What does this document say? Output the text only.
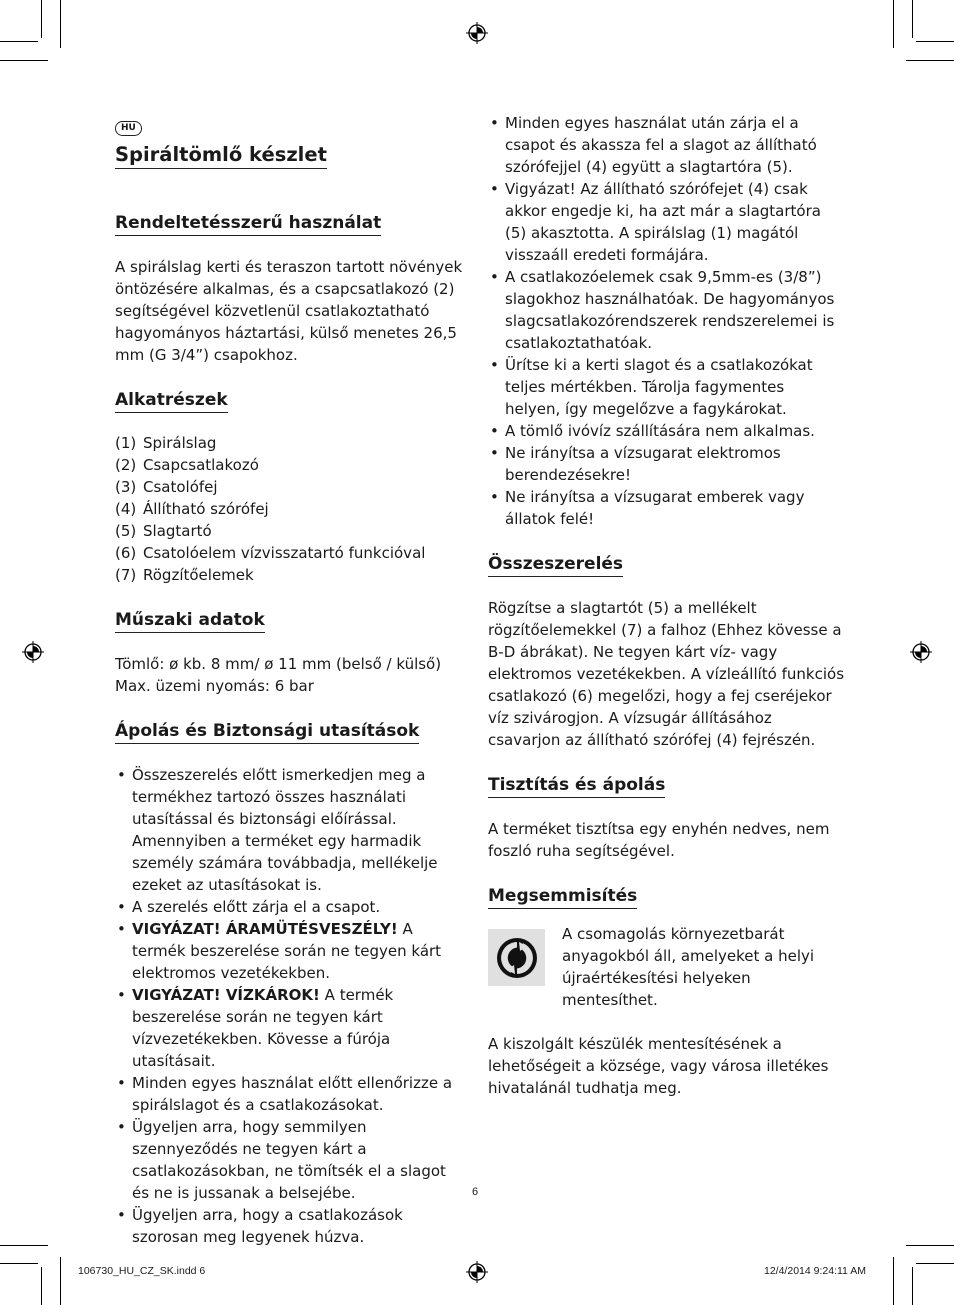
HU
Spiráltömlő készlet
Rendeltetésszerű használat

A spirálslag kerti és teraszon tartott növények öntözésére alkalmas, és a csapcsatlakozó (2) segítségével közvetlenül csatlakoztatható hagyományos háztartási, külső menetes 26,5 mm (G 3/4”) csapokhoz.

Alkatrészek
(1) Spirálslag
(2) Csapcsatlakozó
(3) Csatolófej
(4) Állítható szórófej
(5) Slagtartó
(6) Csatolóelem vízvisszatartó funkcióval
(7) Rögzítőelemek
Műszaki adatok

Tömlő: ø kb. 8 mm/ ø 11 mm (belső / külső)

Max. üzemi nyomás: 6 bar

Ápolás és Biztonsági utasítások
• Összeszerelés előtt ismerkedjen meg a termékhez tartozó összes használati utasítással és biztonsági előírással. Amennyiben a terméket egy harmadik személy számára továbbadja, mellékelje ezeket az utasításokat is.
• A szerelés előtt zárja el a csapot.
• VIGYÁZAT! ÁRAMÜTÉSVESZÉLY! A termék beszerelése során ne tegyen kárt elektromos vezetékekben.
• VIGYÁZAT! VÍZKÁROK! A termék beszerelése során ne tegyen kárt vízvezetékekben. Kövesse a fúrója utasításait.
• Minden egyes használat előtt ellenőrizze a spirálslagot és a csatlakozásokat.
• Ügyeljen arra, hogy semmilyen szennyeződés ne tegyen kárt a csatlakozásokban, ne tömítsék el a slagot és ne is jussanak a belsejébe.
• Ügyeljen arra, hogy a csatlakozások szorosan meg legyenek húzva.
• Minden egyes használat után zárja el a csapot és akassza fel a slagot az állítható szórófejjel (4) együtt a slagtartóra (5).
• Vigyázat! Az állítható szórófejet (4) csak akkor engedje ki, ha azt már a slagtartóra (5) akasztotta. A spirálslag (1) magától visszaáll eredeti formájára.
• A csatlakozóelemek csak 9,5mm-es (3/8”) slagokhoz használhatóak. De hagyományos slagcsatlakozórendszerek rendszerelemei is csatlakoztathatóak.
• Ürítse ki a kerti slagot és a csatlakozókat teljes mértékben. Tárolja fagymentes helyen, így megelőzve a fagykárokat.
• A tömlő ivóvíz szállítására nem alkalmas.
• Ne irányítsa a vízsugarat elektromos berendezésekre!
• Ne irányítsa a vízsugarat emberek vagy állatok felé!
Összeszerelés

Rögzítse a slagtartót (5) a mellékelt rögzítőelemekkel (7) a falhoz (Ehhez kövesse a B-D ábrákat). Ne tegyen kárt víz- vagy elektromos vezetékekben. A vízleállító funkciós csatlakozó (6) megelőzi, hogy a fej cseréjekor víz szivárogjon. A vízsugár állításához csavarjon az állítható szórófej (4) fejrészén.

Tisztítás és ápolás

A terméket tisztítsa egy enyhén nedves, nem foszló ruha segítségével.

Megsemmisítés

A csomagolás környezetbarát anyagokból áll, amelyeket a helyi újraértékesítési helyeken mentesíthet.

A kiszolgált készülék mentesítésének a lehetőségeit a községe, vagy városa illetékes hivatalánál tudhatja meg.

6
106730_HU_CZ_SK.indd 6	12/4/2014 9:24:11 AM
